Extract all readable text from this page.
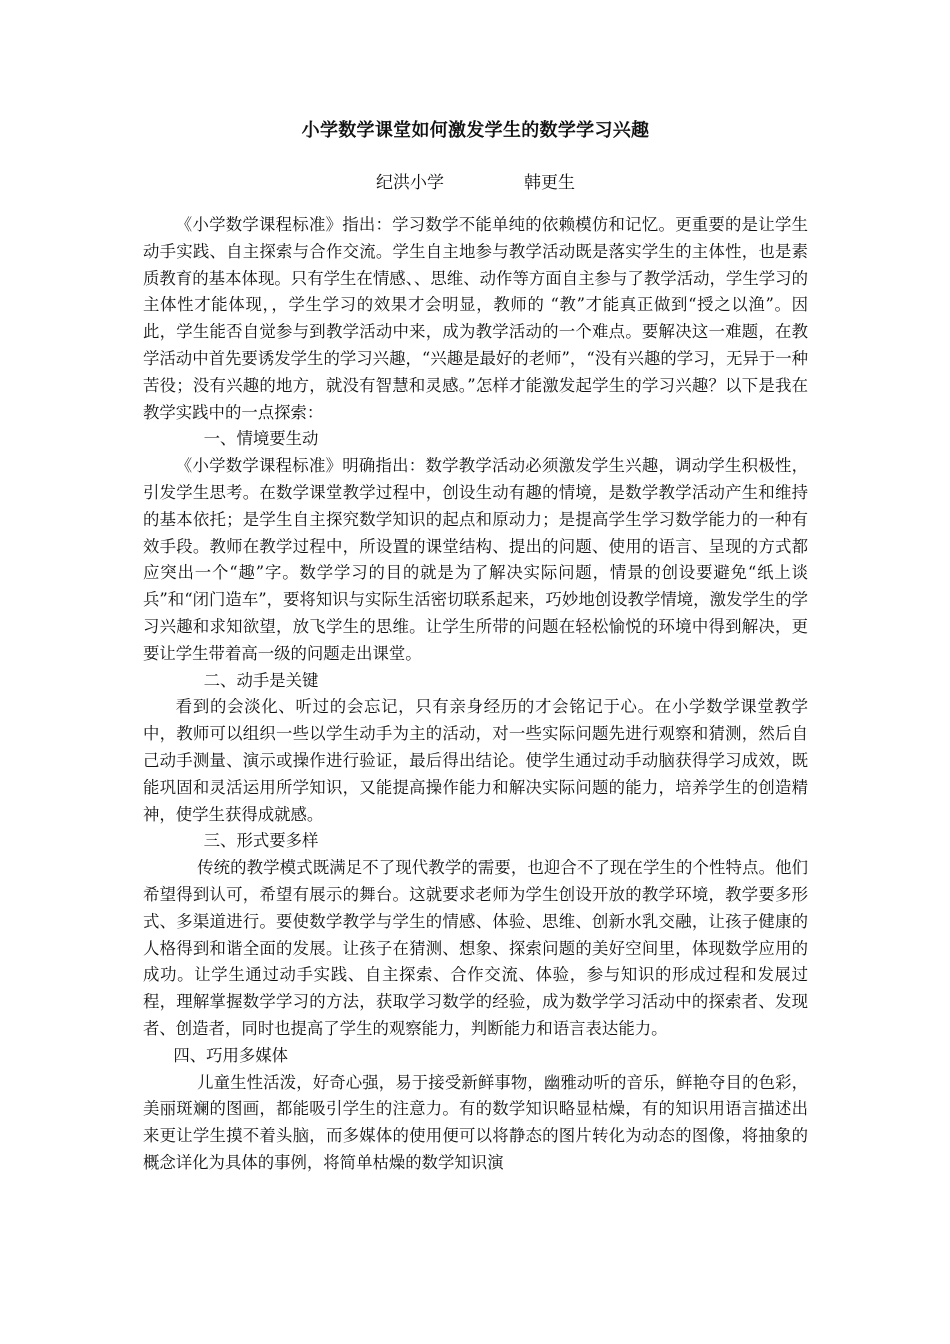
小学数学课堂如何激发学生的数学学习兴趣
纪洪小学	韩更生

《小学数学课程标准》指出：学习数学不能单纯的依赖模仿和记忆。更重要的是让学生动手实践、自主探索与合作交流。学生自主地参与教学活动既是落实学生的主体性，也是素质教育的基本体现。只有学生在情感、、思维、动作等方面自主参与了教学活动，学生学习的主体性才能体现，，学生学习的效果才会明显，教师的 “教”才能真正做到“授之以渔”。因此，学生能否自觉参与到教学活动中来，成为教学活动的一个难点。要解决这一难题，在教学活动中首先要诱发学生的学习兴趣，“兴趣是最好的老师”，“没有兴趣的学习，无异于一种苦役；没有兴趣的地方，就没有智慧和灵感。”怎样才能激发起学生的学习兴趣？以下是我在教学实践中的一点探索：

一、情境要生动

《小学数学课程标准》明确指出：数学教学活动必须激发学生兴趣，调动学生积极性，引发学生思考。在数学课堂教学过程中，创设生动有趣的情境，是数学教学活动产生和维持的基本依托；是学生自主探究数学知识的起点和原动力；是提高学生学习数学能力的一种有效手段。教师在教学过程中，所设置的课堂结构、提出的问题、使用的语言、呈现的方式都应突出一个“趣”字。数学学习的目的就是为了解决实际问题，情景的创设要避免“纸上谈兵”和“闭门造车”，要将知识与实际生活密切联系起来，巧妙地创设教学情境，激发学生的学习兴趣和求知欲望，放飞学生的思维。让学生所带的问题在轻松愉悦的环境中得到解决，更要让学生带着高一级的问题走出课堂。

二、动手是关键

看到的会淡化、听过的会忘记，只有亲身经历的才会铭记于心。在小学数学课堂教学中，教师可以组织一些以学生动手为主的活动，对一些实际问题先进行观察和猜测，然后自己动手测量、演示或操作进行验证，最后得出结论。使学生通过动手动脑获得学习成效，既能巩固和灵活运用所学知识，又能提高操作能力和解决实际问题的能力，培养学生的创造精神，使学生获得成就感。

三、形式要多样

传统的教学模式既满足不了现代教学的需要，也迎合不了现在学生的个性特点。他们希望得到认可，希望有展示的舞台。这就要求老师为学生创设开放的教学环境，教学要多形式、多渠道进行。要使数学教学与学生的情感、体验、思维、创新水乳交融，让孩子健康的人格得到和谐全面的发展。让孩子在猜测、想象、探索问题的美好空间里，体现数学应用的成功。让学生通过动手实践、自主探索、合作交流、体验，参与知识的形成过程和发展过程，理解掌握数学学习的方法，获取学习数学的经验，成为数学学习活动中的探索者、发现者、创造者，同时也提高了学生的观察能力，判断能力和语言表达能力。

四、巧用多媒体

儿童生性活泼，好奇心强，易于接受新鲜事物，幽雅动听的音乐，鲜艳夺目的色彩，美丽斑斓的图画，都能吸引学生的注意力。有的数学知识略显枯燥，有的知识用语言描述出来更让学生摸不着头脑，而多媒体的使用便可以将静态的图片转化为动态的图像，将抽象的概念详化为具体的事例，将简单枯燥的数学知识演
